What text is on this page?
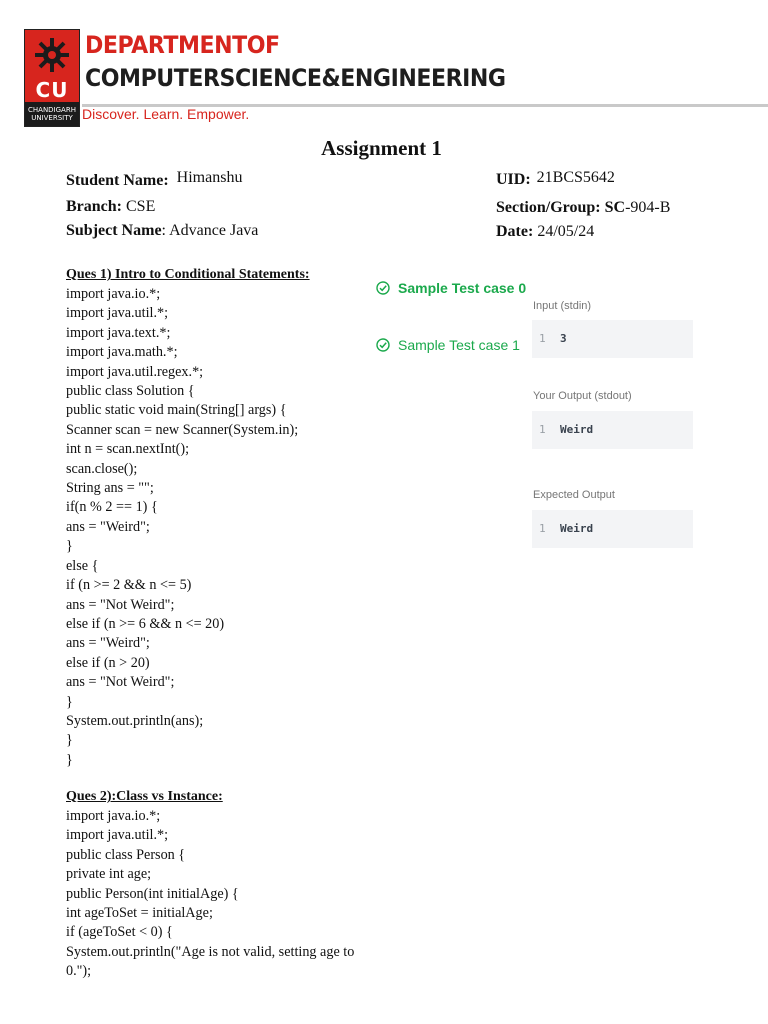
CU
CHANDIGARH
UNIVERSITY
DEPARTMENTOF
COMPUTERSCIENCE&ENGINEERING
Discover. Learn. Empower.
Assignment 1
Student Name: Himanshu	UID: 21BCS5642
Branch: CSE	Section/Group: SC-904-B
Subject Name: Advance Java	Date: 24/05/24
Ques 1) Intro to Conditional Statements:
import java.io.*;
import java.util.*;
import java.text.*;
import java.math.*;
import java.util.regex.*;
public class Solution {
public static void main(String[] args) {
Scanner scan = new Scanner(System.in);
int n = scan.nextInt();
scan.close();
String ans = "";
if(n % 2 == 1) {
ans = "Weird";
}
else {
if (n >= 2 && n <= 5)
ans = "Not Weird";
else if (n >= 6 && n <= 20)
ans = "Weird";
else if (n > 20)
ans = "Not Weird";
}
System.out.println(ans);
}
}
Sample Test case 0
Sample Test case 1
Input (stdin)
1 3
Your Output (stdout)
1 Weird
Expected Output
1 Weird
Ques 2):Class vs Instance:
import java.io.*;
import java.util.*;
public class Person {
private int age;
public Person(int initialAge) {
int ageToSet = initialAge;
if (ageToSet < 0) {
System.out.println("Age is not valid, setting age to
0.");
